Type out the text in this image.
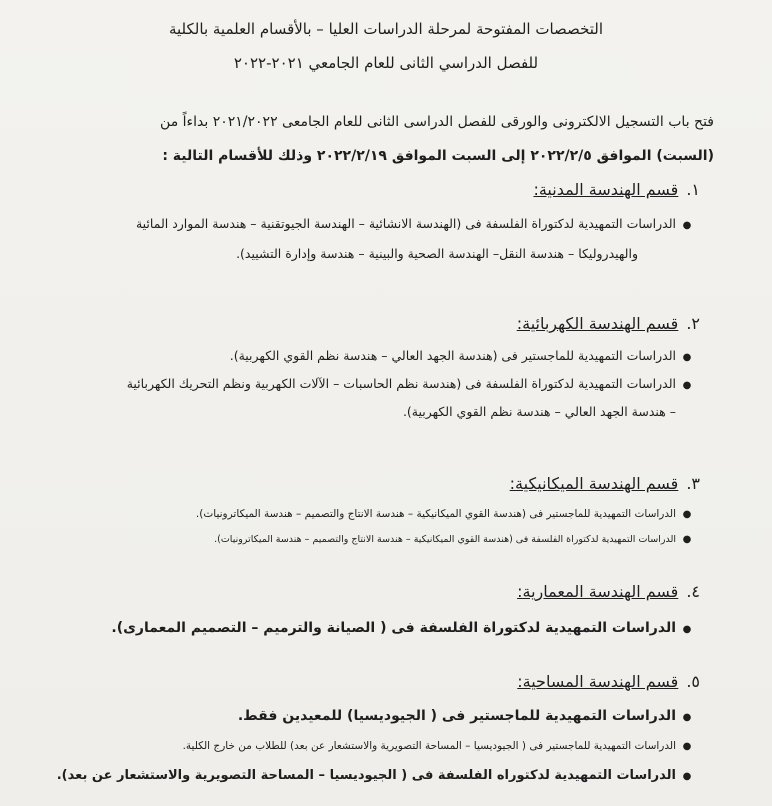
التخصصات المفتوحة لمرحلة الدراسات العليا – بالأقسام العلمية بالكلية
للفصل الدراسي الثانى للعام الجامعي ٢٠٢١-٢٠٢٢
فتح باب التسجيل الالكترونى والورقى للفصل الدراسى الثانى للعام الجامعى ٢٠٢١/٢٠٢٢ بداءاً من
(السبت) الموافق ٢٠٢٢/٢/٥ إلى السبت الموافق ٢٠٢٢/٢/١٩ وذلك للأقسام التالية :
١.قسم الهندسة المدنية:
●الدراسات التمهيدية لدكتوراة الفلسفة فى (الهندسة الانشائية – الهندسة الجيوتقنية – هندسة الموارد المائية
والهيدروليكا – هندسة النقل– الهندسة الصحية والبينية – هندسة وإدارة التشييد).
٢.قسم الهندسة الكهربائية:
●الدراسات التمهيدية للماجستير فى (هندسة الجهد العالي – هندسة نظم القوي الكهربية).
●الدراسات التمهيدية لدكتوراة الفلسفة فى (هندسة نظم الحاسبات – الآلات الكهربية ونظم التحريك الكهربائية
– هندسة الجهد العالي – هندسة نظم القوي الكهربية).
٣.قسم الهندسة الميكانيكية:
●الدراسات التمهيدية للماجستير فى (هندسة القوي الميكانيكية – هندسة الانتاج والتصميم – هندسة الميكاترونيات).
●الدراسات التمهيدية لدكتوراة الفلسفة فى (هندسة القوي الميكانيكية – هندسة الانتاج والتصميم – هندسة الميكاترونيات).
٤.قسم الهندسة المعمارية:
●الدراسات التمهيدية لدكتوراة الفلسفة فى ( الصيانة والترميم – التصميم المعمارى).
٥.قسم الهندسة المساحية:
●الدراسات التمهيدية للماجستير فى ( الجيوديسيا) للمعيدين فقط.
●الدراسات التمهيدية للماجستير فى ( الجيوديسيا – المساحة التصويرية والاستشعار عن بعد) للطلاب من خارج الكلية.
●الدراسات التمهيدية لدكتوراه الفلسفة فى ( الجيوديسيا – المساحة التصويرية والاستشعار عن بعد).
